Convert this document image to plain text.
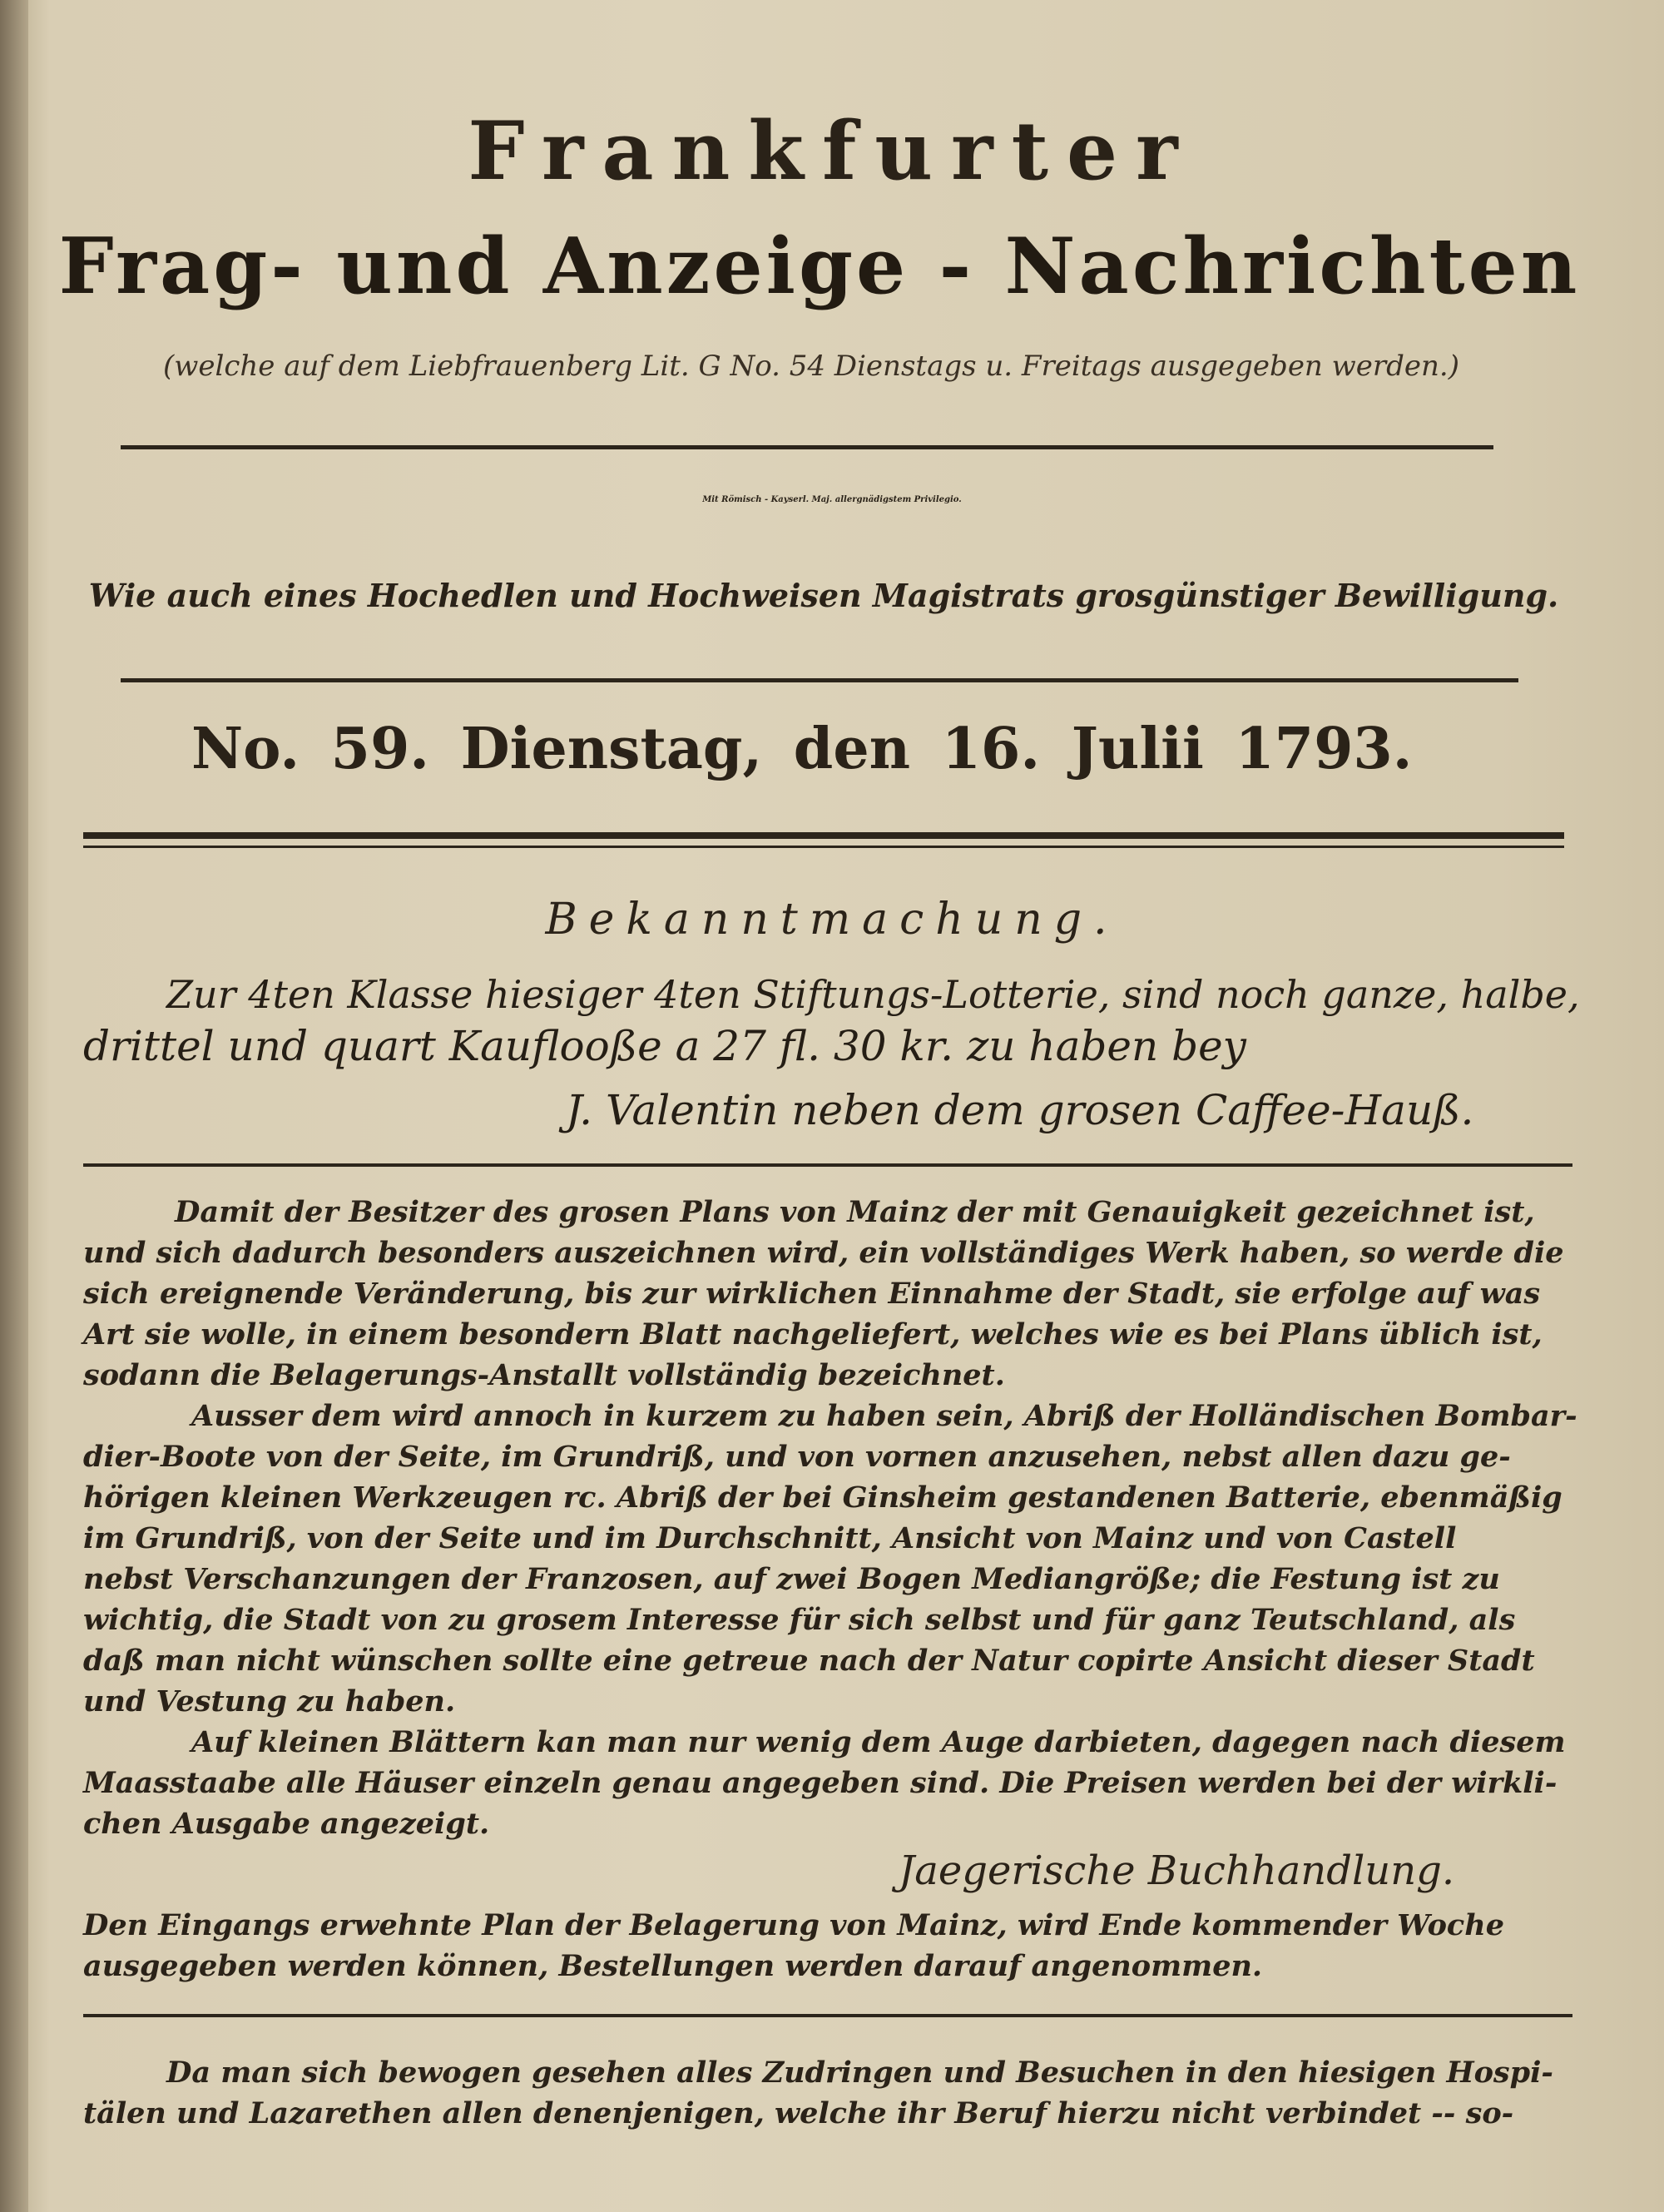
Frankfurter
Frag- und Anzeige - Nachrichten
(welche auf dem Liebfrauenberg Lit. G No. 54 Dienstags u. Freitags ausgegeben werden.)
Mit Römisch - Kayserl. Maj. allergnädigstem Privilegio.
Wie auch eines Hochedlen und Hochweisen Magistrats grosgünstiger Bewilligung.
No. 59. Dienstag, den 16. Julii 1793.
Bekanntmachung.
Zur 4ten Klasse hiesiger 4ten Stiftungs-Lotterie, sind noch ganze, halbe,
drittel und quart Kauflooße a 27 fl. 30 kr. zu haben bey
J. Valentin neben dem grosen Caffee-Hauß.
Damit der Besitzer des grosen Plans von Mainz der mit Genauigkeit gezeichnet ist,
und sich dadurch besonders auszeichnen wird, ein vollständiges Werk haben, so werde die
sich ereignende Veränderung, bis zur wirklichen Einnahme der Stadt, sie erfolge auf was
Art sie wolle, in einem besondern Blatt nachgeliefert, welches wie es bei Plans üblich ist,
sodann die Belagerungs-Anstallt vollständig bezeichnet.
Ausser dem wird annoch in kurzem zu haben sein, Abriß der Holländischen Bombar-
dier-Boote von der Seite, im Grundriß, und von vornen anzusehen, nebst allen dazu ge-
hörigen kleinen Werkzeugen rc. Abriß der bei Ginsheim gestandenen Batterie, ebenmäßig
im Grundriß, von der Seite und im Durchschnitt, Ansicht von Mainz und von Castell
nebst Verschanzungen der Franzosen, auf zwei Bogen Mediangröße; die Festung ist zu
wichtig, die Stadt von zu grosem Interesse für sich selbst und für ganz Teutschland, als
daß man nicht wünschen sollte eine getreue nach der Natur copirte Ansicht dieser Stadt
und Vestung zu haben.
Auf kleinen Blättern kan man nur wenig dem Auge darbieten, dagegen nach diesem
Maasstaabe alle Häuser einzeln genau angegeben sind. Die Preisen werden bei der wirkli-
chen Ausgabe angezeigt.
Jaegerische Buchhandlung.
Den Eingangs erwehnte Plan der Belagerung von Mainz, wird Ende kommender Woche
ausgegeben werden können, Bestellungen werden darauf angenommen.
Da man sich bewogen gesehen alles Zudringen und Besuchen in den hiesigen Hospi-
tälen und Lazarethen allen denenjenigen, welche ihr Beruf hierzu nicht verbindet -- so-
